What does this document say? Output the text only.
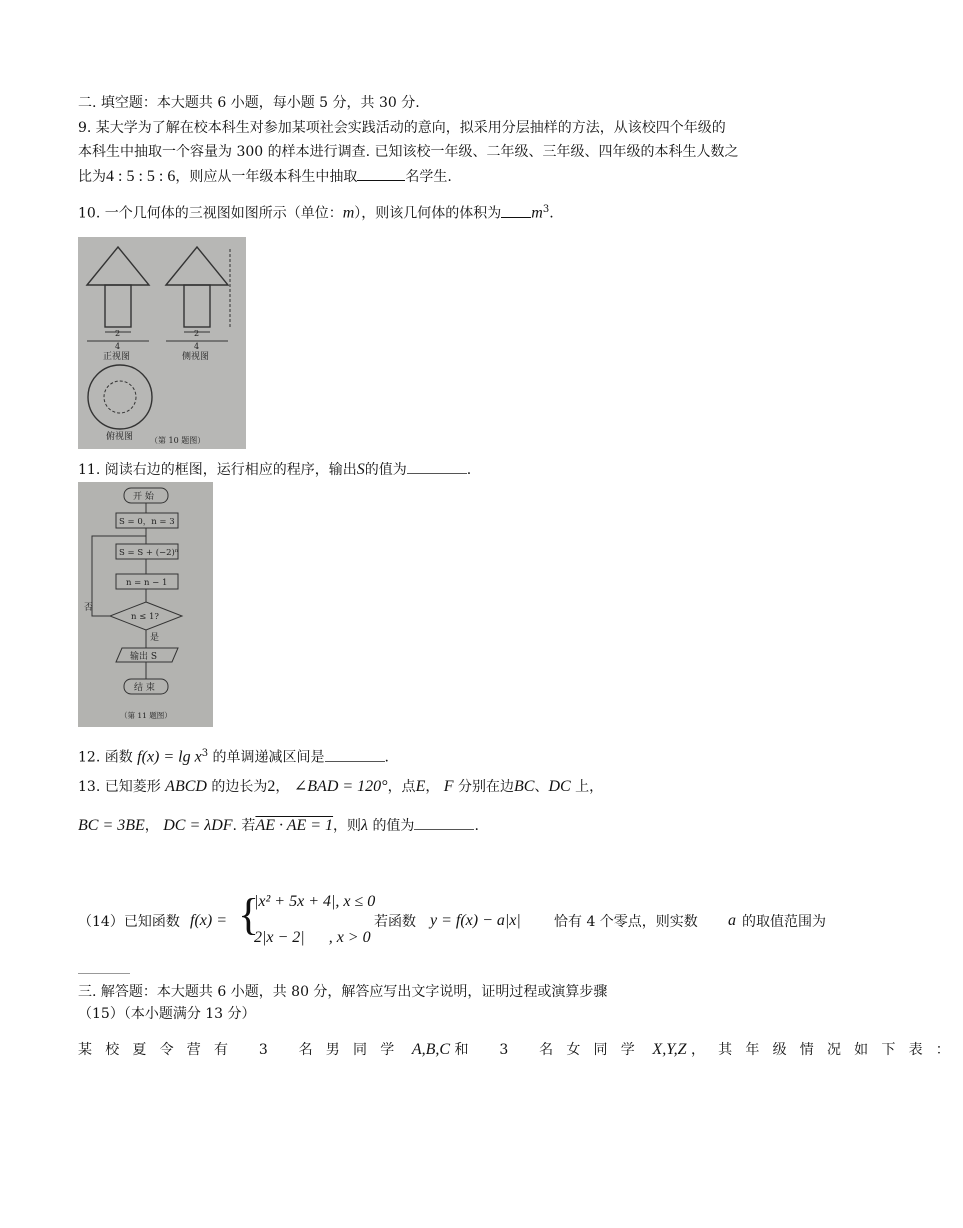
二. 填空题：本大题共 6 小题，每小题 5 分，共 30 分.
9. 某大学为了解在校本科生对参加某项社会实践活动的意向，拟采用分层抽样的方法，从该校四个年级的
本科生中抽取一个容量为 300 的样本进行调查. 已知该校一年级、二年级、三年级、四年级的本科生人数之
比为4 : 5 : 5 : 6，则应从一年级本科生中抽取	名学生.
10. 一个几何体的三视图如图所示（单位：m），则该几何体的体积为 $m^3$.
2
4
正视图
2
4
侧视图
俯视图 （第 10 题图）
11. 阅读右边的框图，运行相应的程序，输出S的值为	.
开 始
S = 0，n = 3
S = S + (−2)ⁿ
n = n − 1
n ≤ 1?
否
是
输出 S
结 束
（第 11 题图）
12. 函数 $f(x) = \lg x^3$ 的单调递减区间是	.
13. 已知菱形 ABCD 的边长为2， ∠BAD = 120°，点E， F 分别在边BC、DC 上，
BC = 3BE， DC = λDF. 若AE · AE = 1，则λ 的值为	.
（14）已知函数 f(x) = {
|x² + 5x + 4|, x ≤ 0
2|x − 2|      , x > 0
若函数 y = f(x) − a|x| 恰有 4 个零点，则实数 a 的取值范围为
三. 解答题：本大题共 6 小题，共 80 分，解答应写出文字说明，证明过程或演算步骤
（15）（本小题满分 13 分）
某校夏令营有 3 名男同学 A,B,C 和 3 名女同学 X,Y,Z ，其年级情况如下表：
